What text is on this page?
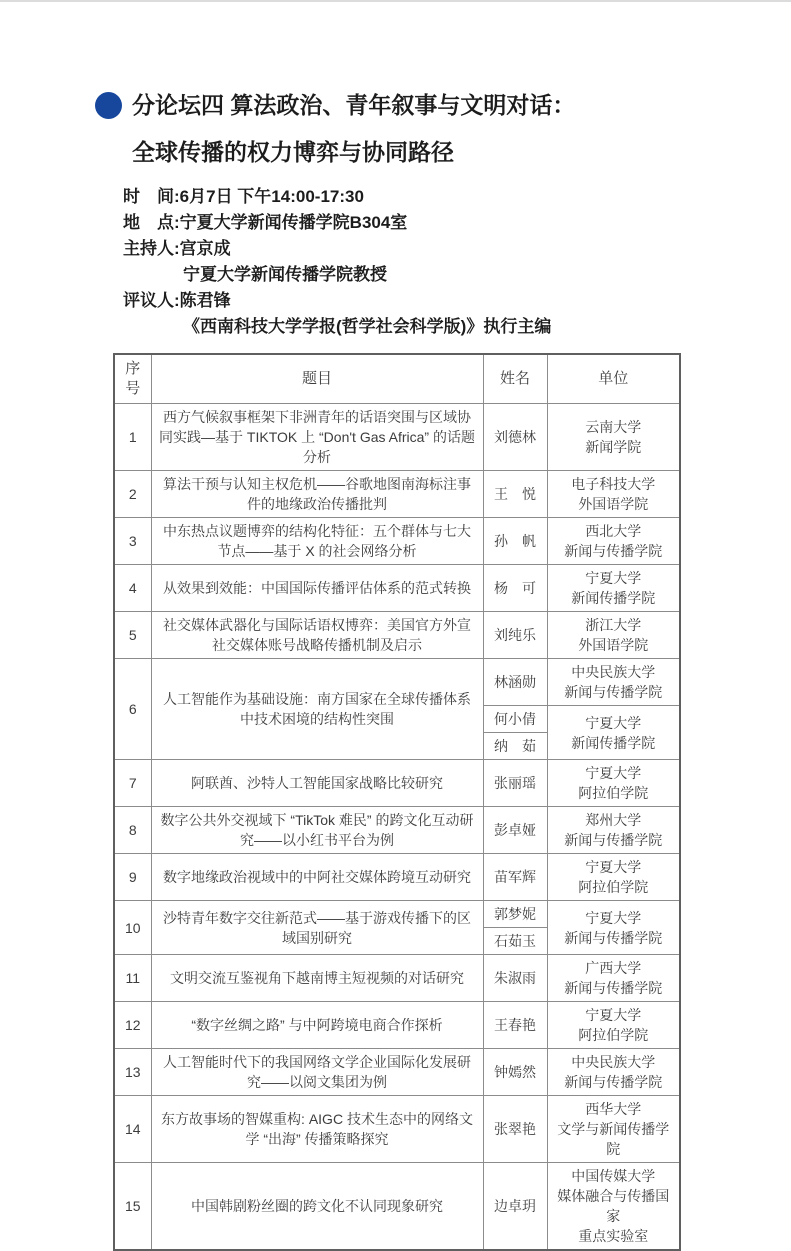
分论坛四 算法政治、青年叙事与文明对话：
全球传播的权力博弈与协同路径
时　间:6月7日 下午14:00-17:30
地　点:宁夏大学新闻传播学院B304室
主持人:宫京成
宁夏大学新闻传播学院教授
评议人:陈君锋
《西南科技大学学报(哲学社会科学版)》执行主编
序号	题目	姓名	单位
1	西方气候叙事框架下非洲青年的话语突围与区域协同实践—基于 TIKTOK 上 “Don't Gas Africa” 的话题分析	刘德林	云南大学
新闻学院

2	算法干预与认知主权危机——谷歌地图南海标注事件的地缘政治传播批判	王　悦	电子科技大学
外国语学院

3	中东热点议题博弈的结构化特征：五个群体与七大节点——基于 X 的社会网络分析	孙　帆	西北大学
新闻与传播学院

4	从效果到效能：中国国际传播评估体系的范式转换	杨　可	宁夏大学
新闻传播学院

5	社交媒体武器化与国际话语权博弈：美国官方外宣社交媒体账号战略传播机制及启示	刘纯乐	浙江大学
外国语学院

6	人工智能作为基础设施：南方国家在全球传播体系中技术困境的结构性突围	林涵勋	中央民族大学
新闻与传播学院

		何小倩	宁夏大学
新闻传播学院

		纳　茹	
7	阿联酋、沙特人工智能国家战略比较研究	张丽瑶	宁夏大学
阿拉伯学院

8	数字公共外交视域下 “TikTok 难民” 的跨文化互动研究——以小红书平台为例	彭卓娅	郑州大学
新闻与传播学院

9	数字地缘政治视域中的中阿社交媒体跨境互动研究	苗军辉	宁夏大学
阿拉伯学院

10	沙特青年数字交往新范式——基于游戏传播下的区域国别研究	郭梦妮	宁夏大学
新闻与传播学院

		石茹玉	
11	文明交流互鉴视角下越南博主短视频的对话研究	朱淑雨	广西大学
新闻与传播学院

12	“数字丝绸之路” 与中阿跨境电商合作探析	王春艳	宁夏大学
阿拉伯学院

13	人工智能时代下的我国网络文学企业国际化发展研究——以阅文集团为例	钟嫣然	中央民族大学
新闻与传播学院

14	东方故事场的智媒重构: AIGC 技术生态中的网络文学 “出海” 传播策略探究	张翠艳	西华大学
文学与新闻传播学院

15	中国韩剧粉丝圈的跨文化不认同现象研究	边卓玥	中国传媒大学
媒体融合与传播国家
重点实验室
